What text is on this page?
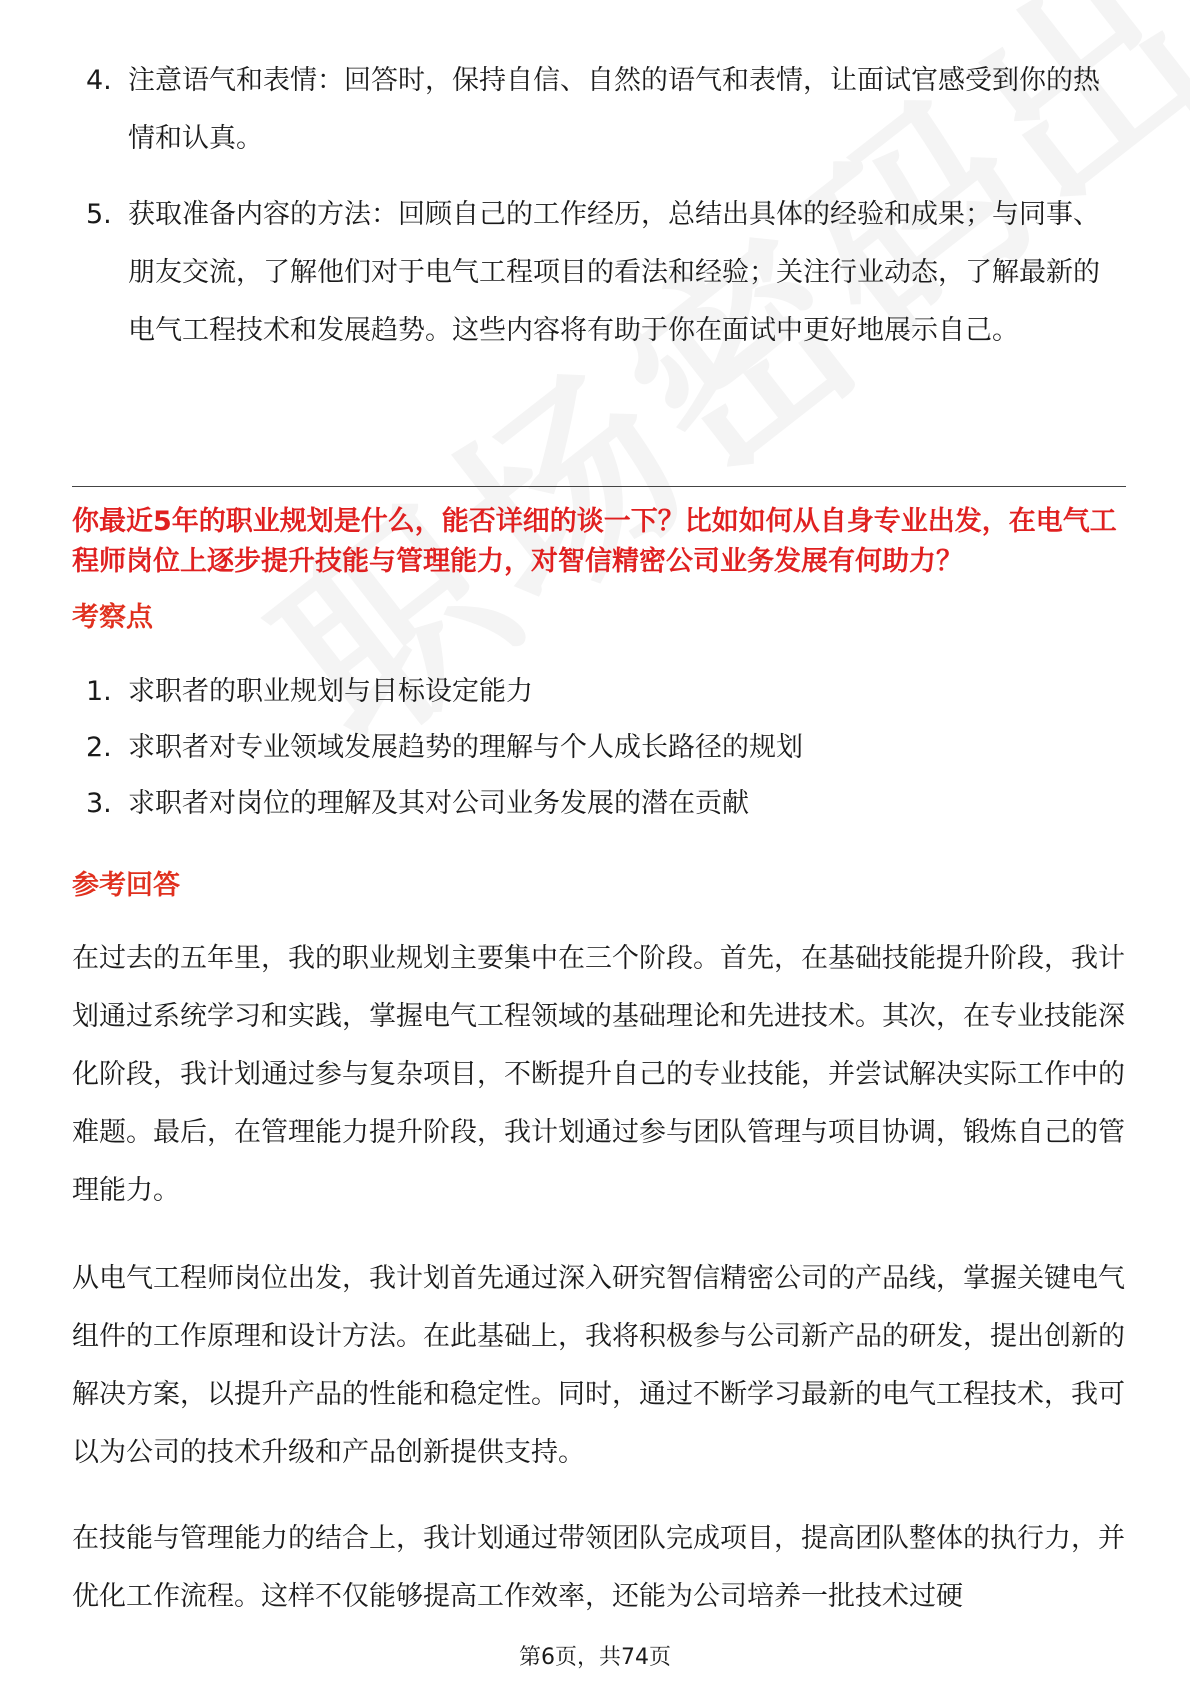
4. 注意语气和表情：回答时，保持自信、自然的语气和表情，让面试官感受到你的热情和认真。
5. 获取准备内容的方法：回顾自己的工作经历，总结出具体的经验和成果；与同事、朋友交流，了解他们对于电气工程项目的看法和经验；关注行业动态，了解最新的电气工程技术和发展趋势。这些内容将有助于你在面试中更好地展示自己。
你最近5年的职业规划是什么，能否详细的谈一下？比如如何从自身专业出发，在电气工程师岗位上逐步提升技能与管理能力，对智信精密公司业务发展有何助力？
考察点
1. 求职者的职业规划与目标设定能力
2. 求职者对专业领域发展趋势的理解与个人成长路径的规划
3. 求职者对岗位的理解及其对公司业务发展的潜在贡献
参考回答

在过去的五年里，我的职业规划主要集中在三个阶段。首先，在基础技能提升阶段，我计划通过系统学习和实践，掌握电气工程领域的基础理论和先进技术。其次，在专业技能深化阶段，我计划通过参与复杂项目，不断提升自己的专业技能，并尝试解决实际工作中的难题。最后，在管理能力提升阶段，我计划通过参与团队管理与项目协调，锻炼自己的管理能力。

从电气工程师岗位出发，我计划首先通过深入研究智信精密公司的产品线，掌握关键电气组件的工作原理和设计方法。在此基础上，我将积极参与公司新产品的研发，提出创新的解决方案，以提升产品的性能和稳定性。同时，通过不断学习最新的电气工程技术，我可以为公司的技术升级和产品创新提供支持。

在技能与管理能力的结合上，我计划通过带领团队完成项目，提高团队整体的执行力，并优化工作流程。这样不仅能够提高工作效率，还能为公司培养一批技术过硬

第6页，共74页
